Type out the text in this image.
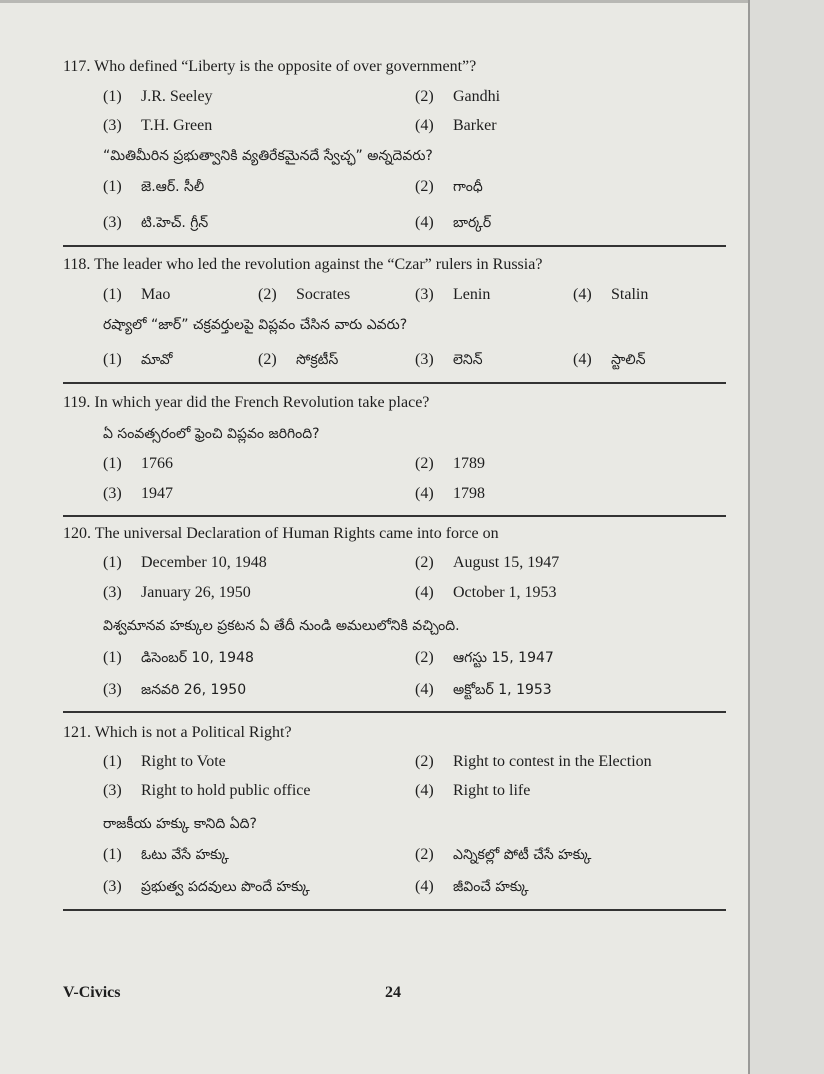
117. Who defined “Liberty is the opposite of over government”?
(1) J.R. Seeley	(2) Gandhi
(3) T.H. Green	(4) Barker
“మితిమీరిన ప్రభుత్వానికి వ్యతిరేకమైనదే స్వేచ్ఛ” అన్నదెవరు?
(1) జె.ఆర్. సీలీ	(2) గాంధీ
(3) టి.హెచ్. గ్రీన్	(4) బార్కర్
118. The leader who led the revolution against the “Czar” rulers in Russia?
(1) Mao	(2) Socrates	(3) Lenin	(4) Stalin
రష్యాలో “జార్” చక్రవర్తులపై విప్లవం చేసిన వారు ఎవరు?
(1) మావో	(2) సోక్రటీస్	(3) లెనిన్	(4) స్టాలిన్
119. In which year did the French Revolution take place?
ఏ సంవత్సరంలో ఫ్రెంచి విప్లవం జరిగింది?
(1) 1766	(2) 1789
(3) 1947	(4) 1798
120. The universal Declaration of Human Rights came into force on
(1) December 10, 1948	(2) August 15, 1947
(3) January 26, 1950	(4) October 1, 1953
విశ్వమానవ హక్కుల ప్రకటన ఏ తేదీ నుండి అమలులోనికి వచ్చింది.
(1) డిసెంబర్ 10, 1948	(2) ఆగస్టు 15, 1947
(3) జనవరి 26, 1950	(4) అక్టోబర్ 1, 1953
121. Which is not a Political Right?
(1) Right to Vote	(2) Right to contest in the Election
(3) Right to hold public office	(4) Right to life
రాజకీయ హక్కు కానిది ఏది?
(1) ఓటు వేసే హక్కు	(2) ఎన్నికల్లో పోటీ చేసే హక్కు
(3) ప్రభుత్వ పదవులు పొందే హక్కు	(4) జీవించే హక్కు
V-Civics	24
